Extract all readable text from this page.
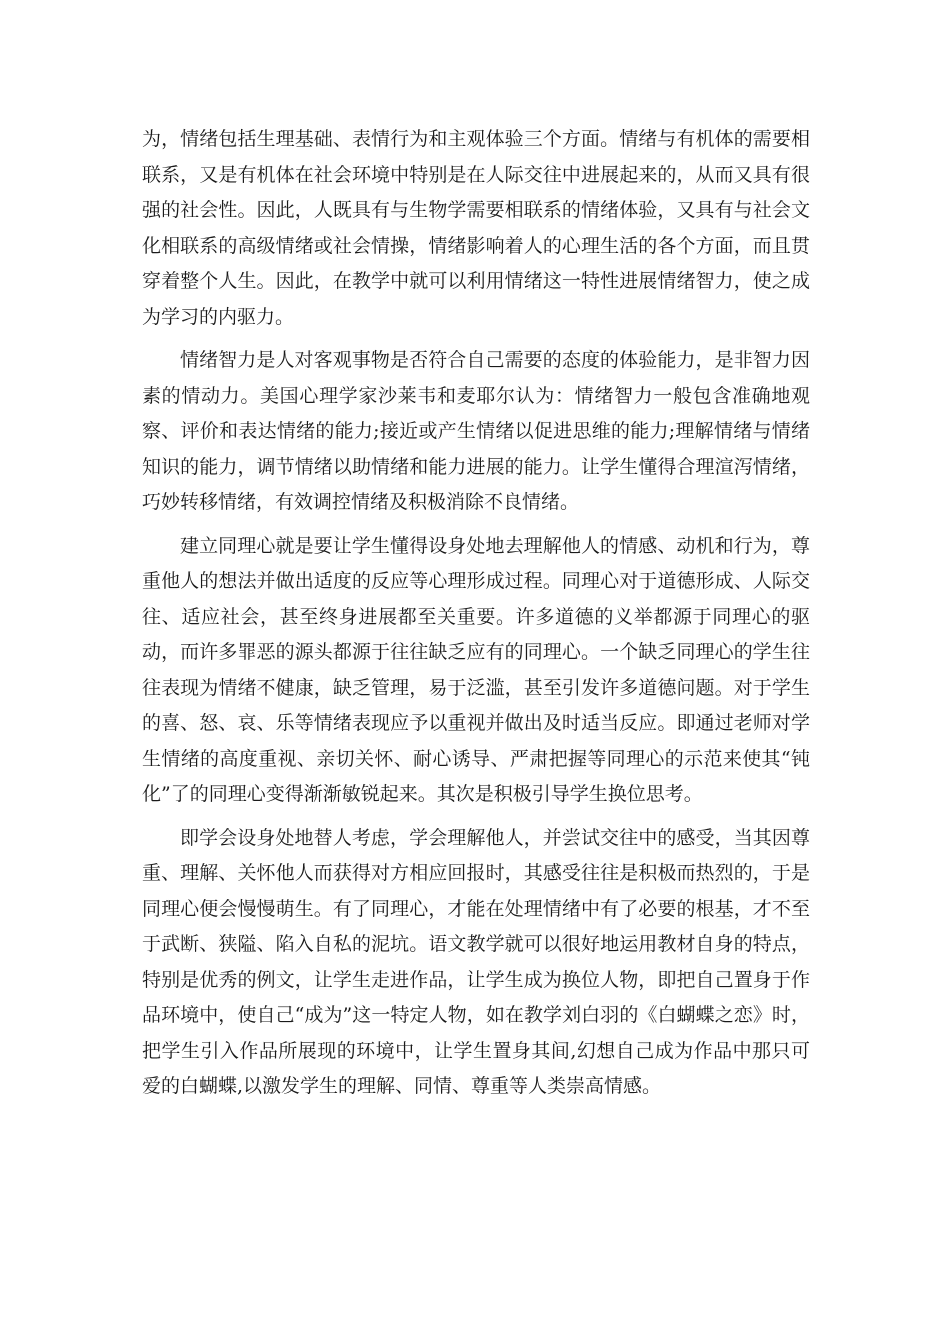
为，情绪包括生理基础、表情行为和主观体验三个方面。情绪与有机体的需要相联系，又是有机体在社会环境中特别是在人际交往中进展起来的，从而又具有很强的社会性。因此，人既具有与生物学需要相联系的情绪体验，又具有与社会文化相联系的高级情绪或社会情操，情绪影响着人的心理生活的各个方面，而且贯穿着整个人生。因此，在教学中就可以利用情绪这一特性进展情绪智力，使之成为学习的内驱力。

情绪智力是人对客观事物是否符合自己需要的态度的体验能力，是非智力因素的情动力。美国心理学家沙莱韦和麦耶尔认为：情绪智力一般包含准确地观察、评价和表达情绪的能力;接近或产生情绪以促进思维的能力;理解情绪与情绪知识的能力，调节情绪以助情绪和能力进展的能力。让学生懂得合理渲泻情绪，巧妙转移情绪，有效调控情绪及积极消除不良情绪。

建立同理心就是要让学生懂得设身处地去理解他人的情感、动机和行为，尊重他人的想法并做出适度的反应等心理形成过程。同理心对于道德形成、人际交往、适应社会，甚至终身进展都至关重要。许多道德的义举都源于同理心的驱动，而许多罪恶的源头都源于往往缺乏应有的同理心。一个缺乏同理心的学生往往表现为情绪不健康，缺乏管理，易于泛滥，甚至引发许多道德问题。对于学生的喜、怒、哀、乐等情绪表现应予以重视并做出及时适当反应。即通过老师对学生情绪的高度重视、亲切关怀、耐心诱导、严肃把握等同理心的示范来使其“钝化”了的同理心变得渐渐敏锐起来。其次是积极引导学生换位思考。

即学会设身处地替人考虑，学会理解他人，并尝试交往中的感受，当其因尊重、理解、关怀他人而获得对方相应回报时，其感受往往是积极而热烈的，于是同理心便会慢慢萌生。有了同理心，才能在处理情绪中有了必要的根基，才不至于武断、狭隘、陷入自私的泥坑。语文教学就可以很好地运用教材自身的特点，特别是优秀的例文，让学生走进作品，让学生成为换位人物，即把自己置身于作品环境中，使自己“成为”这一特定人物，如在教学刘白羽的《白蝴蝶之恋》时，把学生引入作品所展现的环境中，让学生置身其间,幻想自己成为作品中那只可爱的白蝴蝶,以激发学生的理解、同情、尊重等人类崇高情感。
